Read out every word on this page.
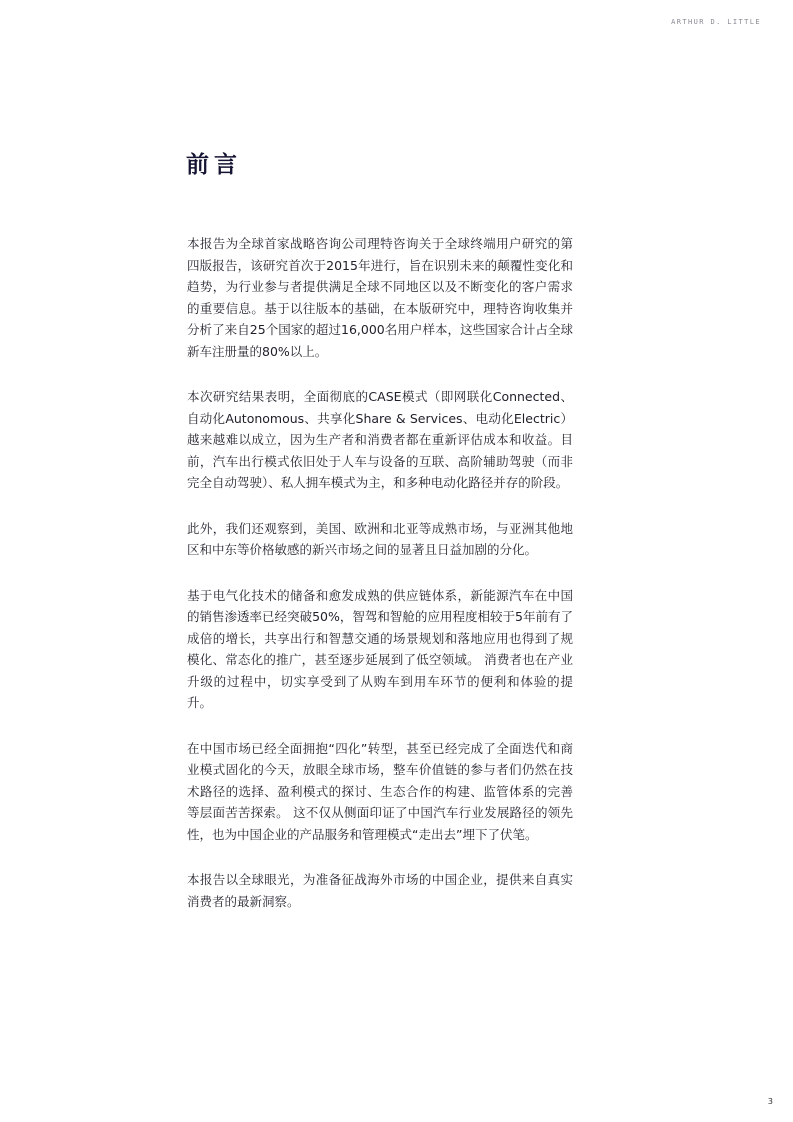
ARTHUR D. LITTLE
前言

本报告为全球首家战略咨询公司理特咨询关于全球终端用户研究的第四版报告，该研究首次于2015年进行，旨在识别未来的颠覆性变化和趋势，为行业参与者提供满足全球不同地区以及不断变化的客户需求的重要信息。基于以往版本的基础，在本版研究中，理特咨询收集并分析了来自25个国家的超过16,000名用户样本，这些国家合计占全球新车注册量的80%以上。

本次研究结果表明，全面彻底的CASE模式（即网联化Connected、自动化Autonomous、共享化Share & Services、电动化Electric）越来越难以成立，因为生产者和消费者都在重新评估成本和收益。目前，汽车出行模式依旧处于人车与设备的互联、高阶辅助驾驶（而非完全自动驾驶）、私人拥车模式为主，和多种电动化路径并存的阶段。

此外，我们还观察到，美国、欧洲和北亚等成熟市场，与亚洲其他地区和中东等价格敏感的新兴市场之间的显著且日益加剧的分化。

基于电气化技术的储备和愈发成熟的供应链体系，新能源汽车在中国的销售渗透率已经突破50%，智驾和智舱的应用程度相较于5年前有了成倍的增长，共享出行和智慧交通的场景规划和落地应用也得到了规模化、常态化的推广，甚至逐步延展到了低空领域。 消费者也在产业升级的过程中，切实享受到了从购车到用车环节的便利和体验的提升。

在中国市场已经全面拥抱“四化”转型，甚至已经完成了全面迭代和商业模式固化的今天，放眼全球市场，整车价值链的参与者们仍然在技术路径的选择、盈利模式的探讨、生态合作的构建、监管体系的完善等层面苦苦探索。 这不仅从侧面印证了中国汽车行业发展路径的领先性，也为中国企业的产品服务和管理模式“走出去”埋下了伏笔。

本报告以全球眼光，为准备征战海外市场的中国企业，提供来自真实消费者的最新洞察。

3
